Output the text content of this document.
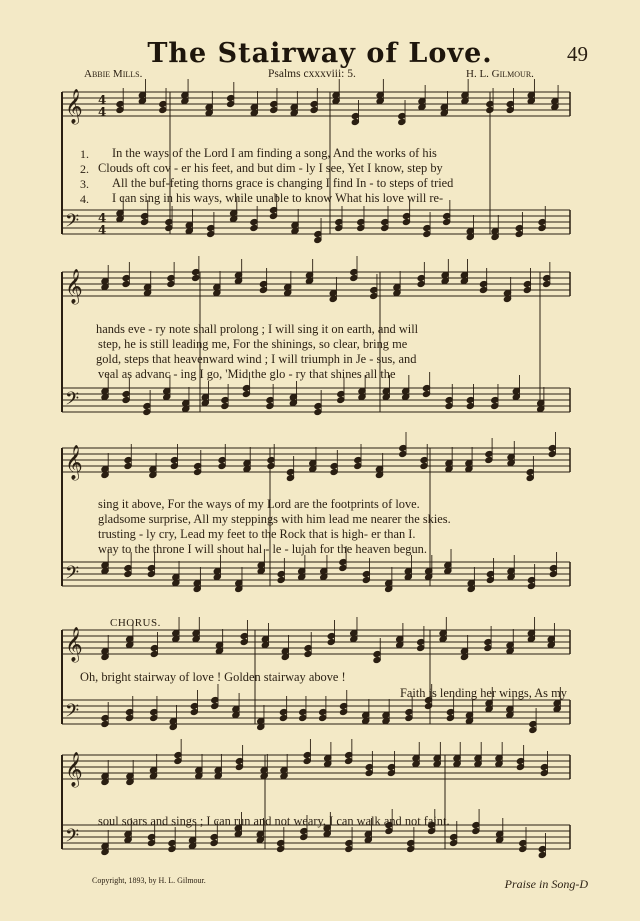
The Stairway of Love.	49
Abbie Mills.	Psalms cxxxviii: 5.	H. L. Gilmour.
𝄞
𝄢
𝄞
𝄢
𝄞
𝄢
𝄞
𝄢
𝄞
𝄢
4
4
4
4
1.
2.
3.
4.
In the ways of the Lord I am finding a song, And the works of his
Clouds oft cov - er his feet, and but dim - ly I see, Yet I know, step by
All the buf-feting thorns grace is changing I find In - to steps of tried
I can sing in his ways, while unable to know What his love will re-
hands eve - ry note shall prolong ; I will sing it on earth, and will
step, he is still leading me, For the shinings, so clear, bring me
gold, steps that heavenward wind ; I will triumph in Je - sus, and
veal as advanc - ing I go, 'Mid the glo - ry that shines all the
sing it above, For the ways of my Lord are the footprints of love.
gladsome surprise, All my steppings with him lead me nearer the skies.
trusting - ly cry, Lead my feet to the Rock that is high- er than I.
way to the throne I will shout hal - le - lujah for the heaven begun.
CHORUS.
Oh, bright stairway of love ! Golden stairway above !
Faith is lending her wings, As my
soul soars and sings ; I can run and not weary, I can walk and not faint.
Copyright, 1893, by H. L. Gilmour.	Praise in Song-D
